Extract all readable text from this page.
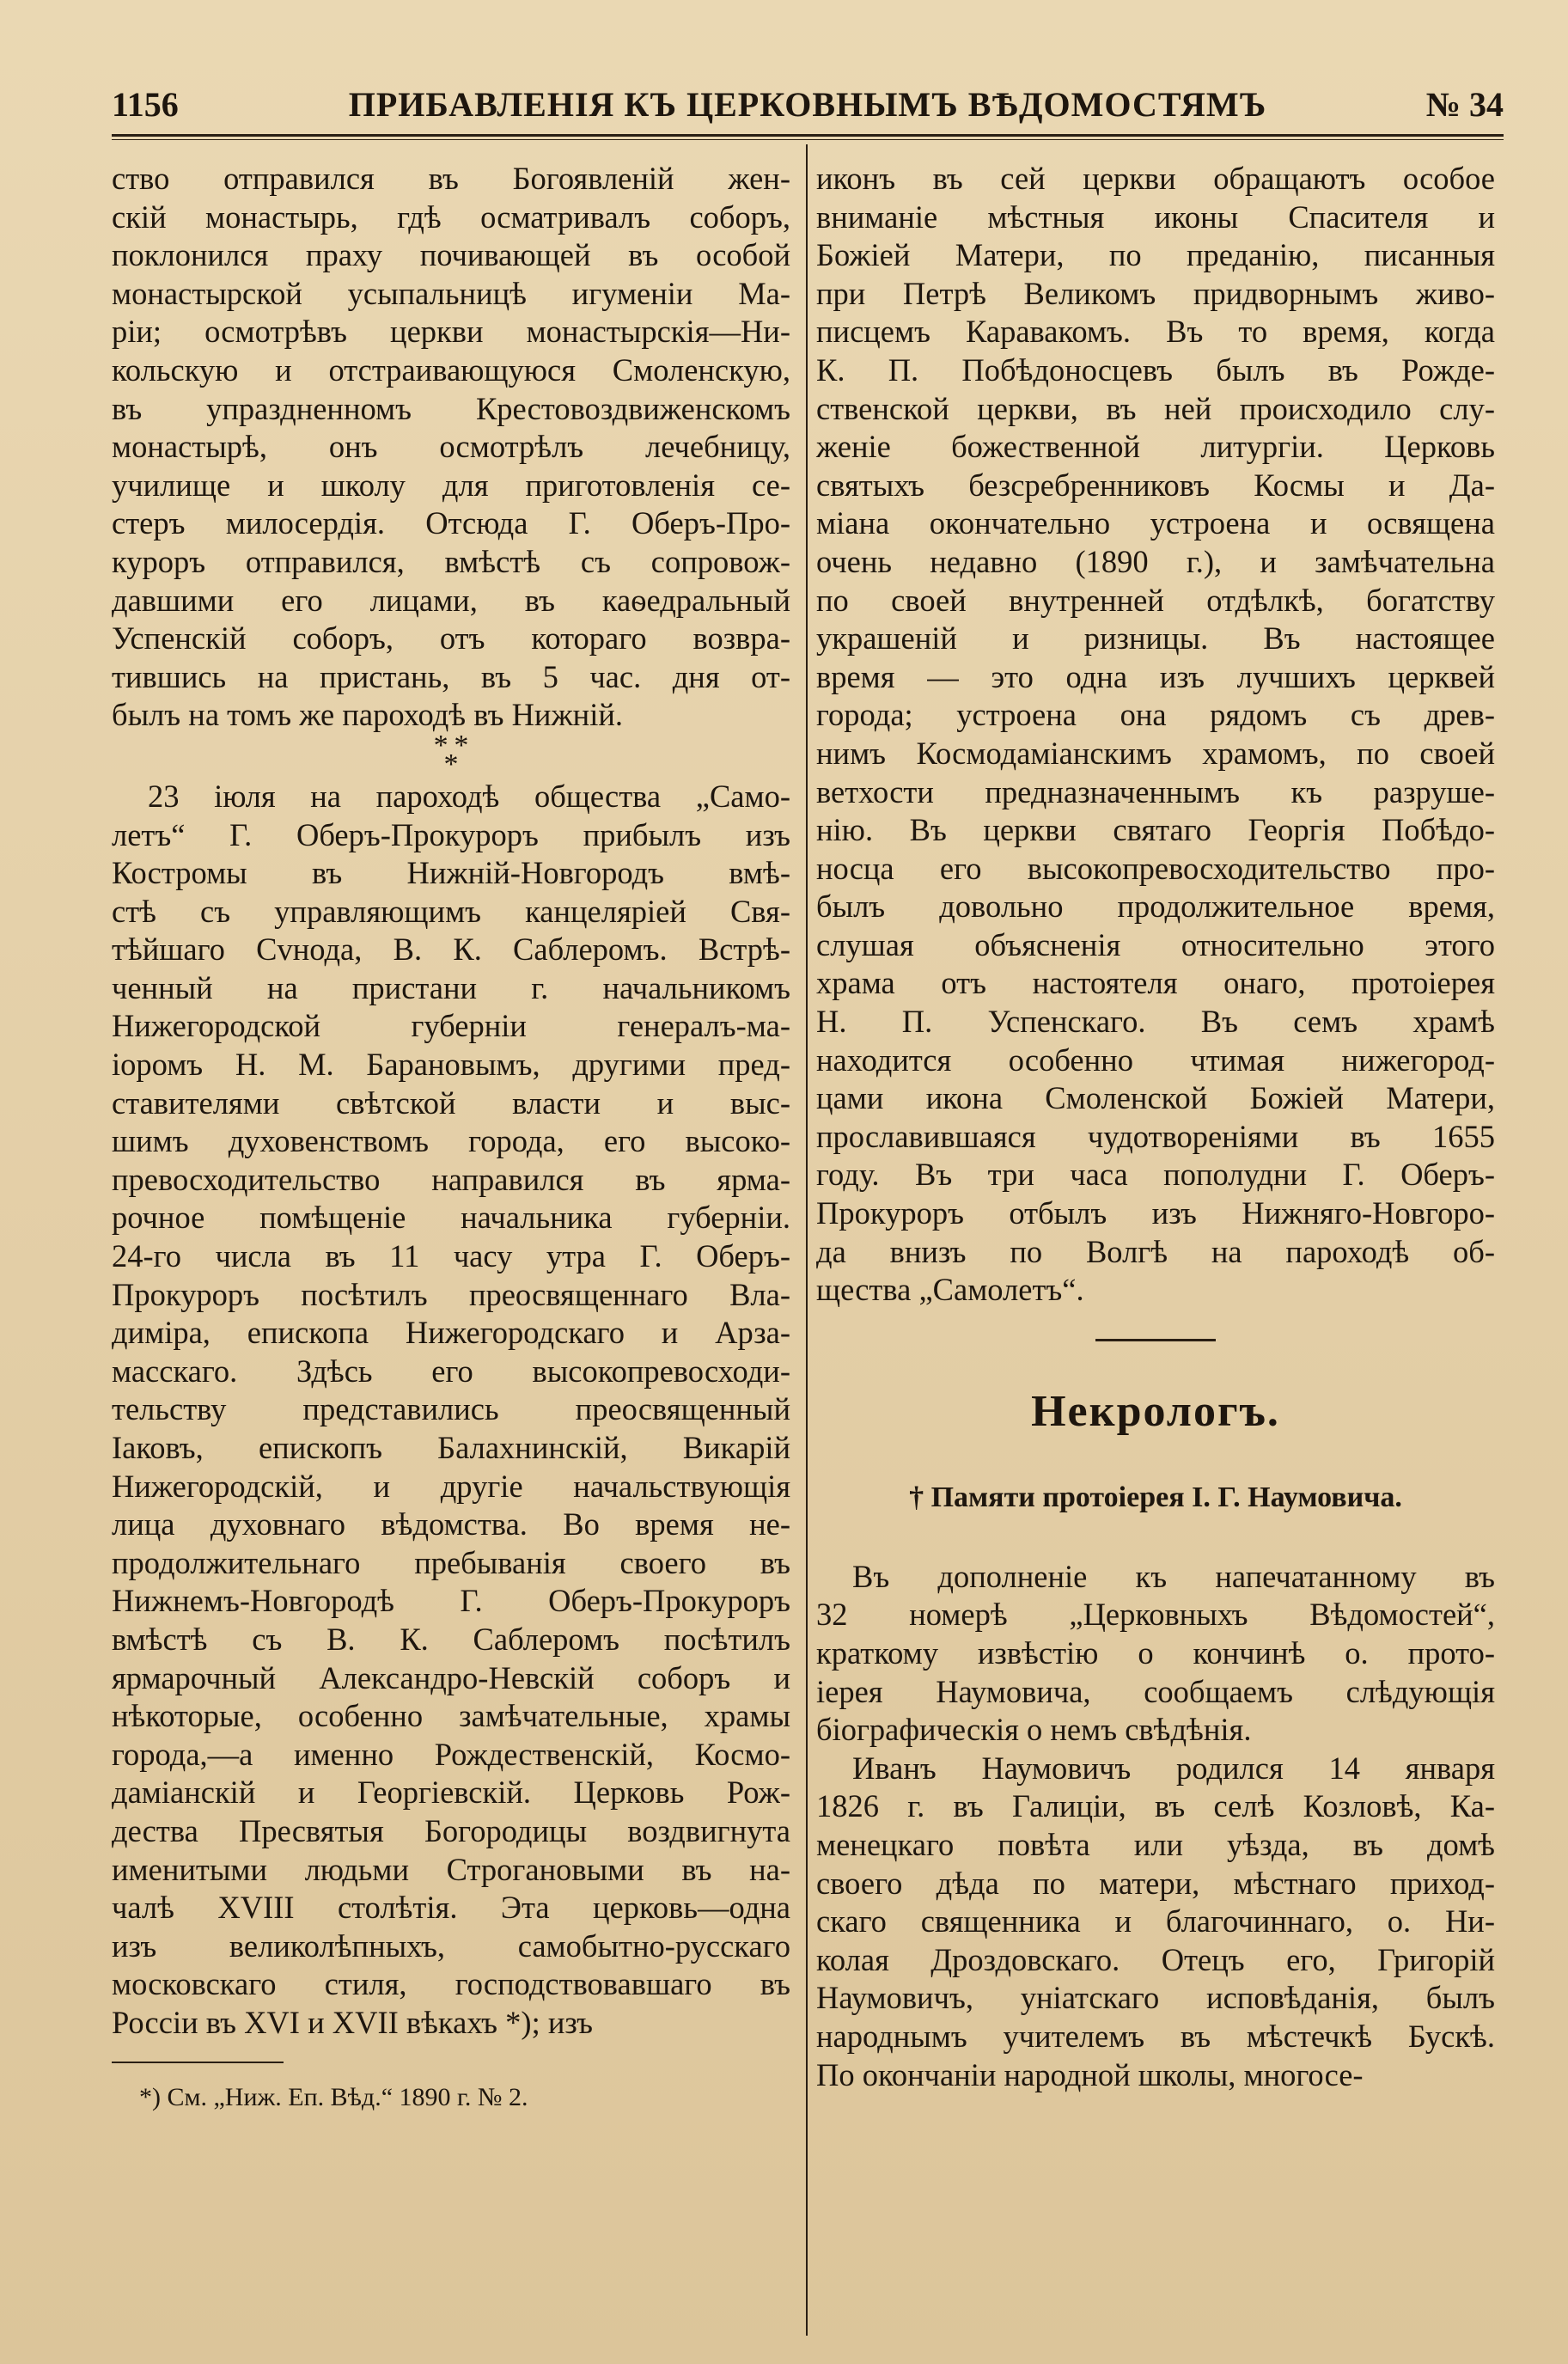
1156	ПРИБАВЛЕНІЯ КЪ ЦЕРКОВНЫМЪ ВѢДОМОСТЯМЪ	№ 34
ство отправился въ Богоявленій жен-
скій монастырь, гдѣ осматривалъ соборъ,
поклонился праху почивающей въ особой
монастырской усыпальницѣ игуменіи Ма-
ріи; осмотрѣвъ церкви монастырскія—Ни-
кольскую и отстраивающуюся Смоленскую,
въ упраздненномъ Крестовоздвиженскомъ
монастырѣ, онъ осмотрѣлъ лечебницу,
училище и школу для приготовленія се-
стеръ милосердія. Отсюда Г. Оберъ-Про-
куроръ отправился, вмѣстѣ съ сопровож-
давшими его лицами, въ каѳедральный
Успенскій соборъ, отъ котораго возвра-
тившись на пристань, въ 5 час. дня от-
былъ на томъ же пароходѣ въ Нижній.
* *
*
23 іюля на пароходѣ общества „Само-
летъ“ Г. Оберъ-Прокуроръ прибылъ изъ
Костромы въ Нижній-Новгородъ вмѣ-
стѣ съ управляющимъ канцеляріей Свя-
тѣйшаго Сvнода, В. К. Саблеромъ. Встрѣ-
ченный на пристани г. начальникомъ
Нижегородской губерніи генералъ-ма-
іоромъ Н. М. Барановымъ, другими пред-
ставителями свѣтской власти и выс-
шимъ духовенствомъ города, его высоко-
превосходительство направился въ ярма-
рочное помѣщеніе начальника губерніи.
24-го числа въ 11 часу утра Г. Оберъ-
Прокуроръ посѣтилъ преосвященнаго Вла-
диміра, епископа Нижегородскаго и Арза-
масскаго. Здѣсь его высокопревосходи-
тельству представились преосвященный
Іаковъ, епископъ Балахнинскій, Викарій
Нижегородскій, и другіе начальствующія
лица духовнаго вѣдомства. Во время не-
продолжительнаго пребыванія своего въ
Нижнемъ-Новгородѣ Г. Оберъ-Прокуроръ
вмѣстѣ съ В. К. Саблеромъ посѣтилъ
ярмарочный Александро-Невскій соборъ и
нѣкоторые, особенно замѣчательные, храмы
города,—а именно Рождественскій, Космо-
даміанскій и Георгіевскій. Церковь Рож-
дества Пресвятыя Богородицы воздвигнута
именитыми людьми Строгановыми въ на-
чалѣ XVIII столѣтія. Эта церковь—одна
изъ великолѣпныхъ, самобытно-русскаго
московскаго стиля, господствовавшаго въ
Россіи въ XVI и XVII вѣкахъ *); изъ
*) См. „Ниж. Еп. Вѣд.“ 1890 г. № 2.
иконъ въ сей церкви обращаютъ особое
вниманіе мѣстныя иконы Спасителя и
Божіей Матери, по преданію, писанныя
при Петрѣ Великомъ придворнымъ живо-
писцемъ Каравакомъ. Въ то время, когда
К. П. Побѣдоносцевъ былъ въ Рожде-
ственской церкви, въ ней происходило слу-
женіе божественной литургіи. Церковь
святыхъ безсребренниковъ Космы и Да-
міана окончательно устроена и освящена
очень недавно (1890 г.), и замѣчательна
по своей внутренней отдѣлкѣ, богатству
украшеній и ризницы. Въ настоящее
время — это одна изъ лучшихъ церквей
города; устроена она рядомъ съ древ-
нимъ Космодаміанскимъ храмомъ, по своей
ветхости предназначеннымъ къ разруше-
нію. Въ церкви святаго Георгія Побѣдо-
носца его высокопревосходительство про-
былъ довольно продолжительное время,
слушая объясненія относительно этого
храма отъ настоятеля онаго, протоіерея
Н. П. Успенскаго. Въ семъ храмѣ
находится особенно чтимая нижегород-
цами икона Смоленской Божіей Матери,
прославившаяся чудотвореніями въ 1655
году. Въ три часа пополудни Г. Оберъ-
Прокуроръ отбылъ изъ Нижняго-Новгоро-
да внизъ по Волгѣ на пароходѣ об-
щества „Самолетъ“.
Некрологъ.
† Памяти протоіерея І. Г. Наумовича.
Въ дополненіе къ напечатанному въ
32 номерѣ „Церковныхъ Вѣдомостей“,
краткому извѣстію о кончинѣ о. прото-
іерея Наумовича, сообщаемъ слѣдующія
біографическія о немъ свѣдѣнія.
Иванъ Наумовичъ родился 14 января
1826 г. въ Галиціи, въ селѣ Козловѣ, Ка-
менецкаго повѣта или уѣзда, въ домѣ
своего дѣда по матери, мѣстнаго приход-
скаго священника и благочиннаго, о. Ни-
колая Дроздовскаго. Отецъ его, Григорій
Наумовичъ, уніатскаго исповѣданія, былъ
народнымъ учителемъ въ мѣстечкѣ Бускѣ.
По окончаніи народной школы, многосе-
